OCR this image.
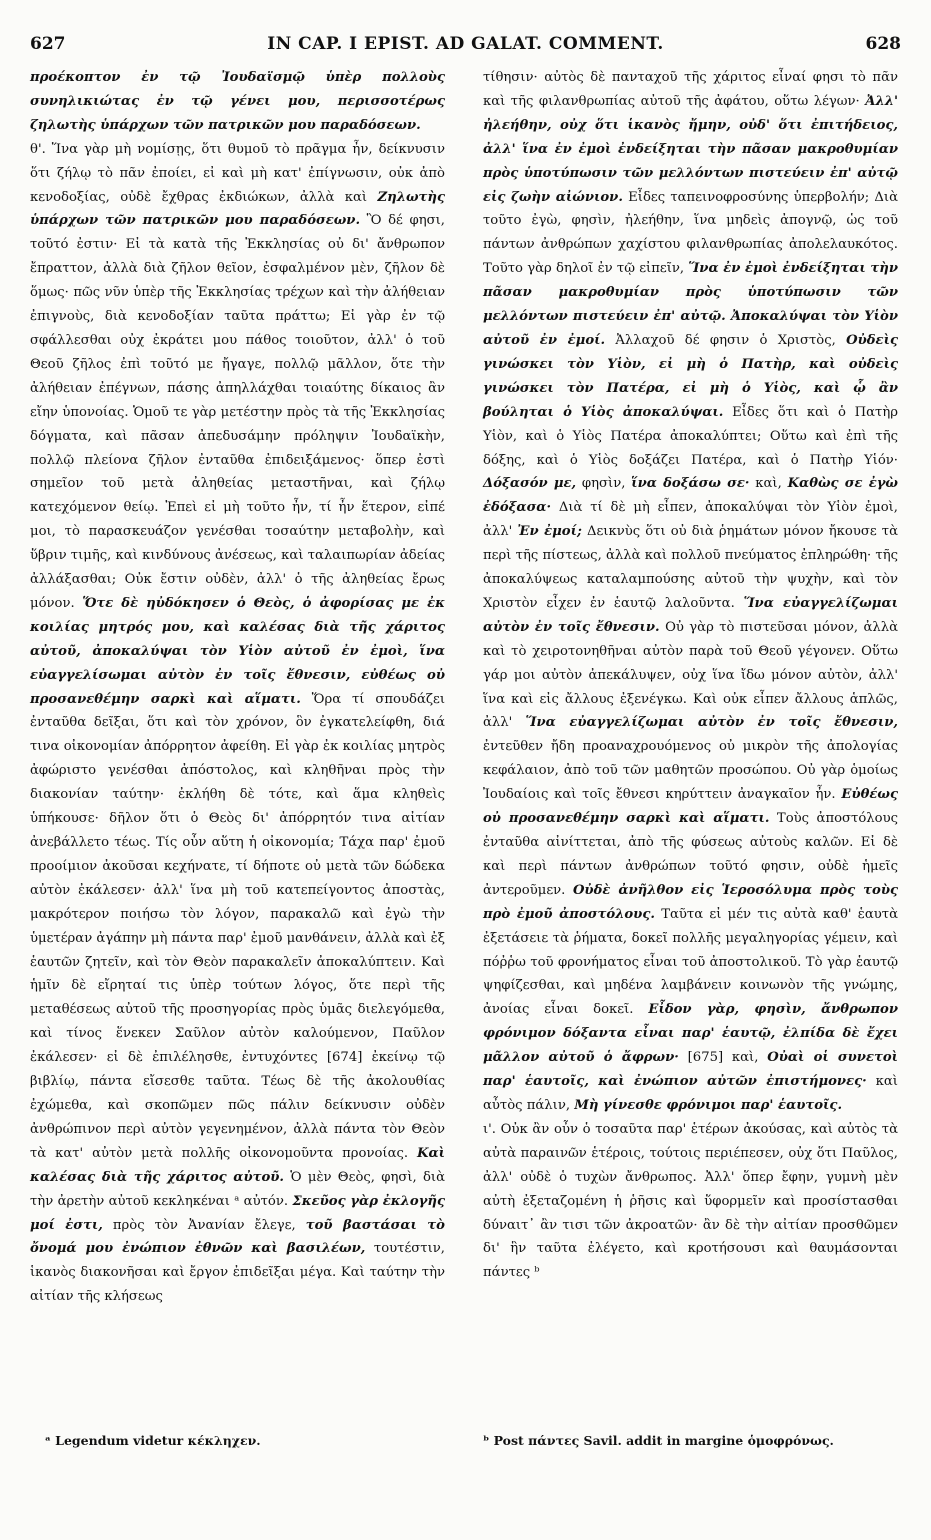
627	IN CAP. I EPIST. AD GALAT. COMMENT.	628

προέκοπτον ἐν τῷ Ἰουδαϊσμῷ ὑπὲρ πολλοὺς συνηλικιώτας ἐν τῷ γένει μου, περισσοτέρως ζηλωτὴς ὑπάρχων τῶν πατρικῶν μου παραδόσεων.

θ'. Ἵνα γὰρ μὴ νομίσῃς, ὅτι θυμοῦ τὸ πρᾶγμα ἦν, δείκνυσιν ὅτι ζήλῳ τὸ πᾶν ἐποίει, εἰ καὶ μὴ κατ' ἐπίγνωσιν, οὐκ ἀπὸ κενοδοξίας, οὐδὲ ἔχθρας ἐκδιώκων, ἀλλὰ καὶ Ζηλωτὴς ὑπάρχων τῶν πατρικῶν μου παραδόσεων. Ὃ δέ φησι, τοῦτό ἐστιν· Εἰ τὰ κατὰ τῆς Ἐκκλησίας οὐ δι' ἄνθρωπον ἔπραττον, ἀλλὰ διὰ ζῆλον θεῖον, ἐσφαλμένον μὲν, ζῆλον δὲ ὅμως· πῶς νῦν ὑπὲρ τῆς Ἐκκλησίας τρέχων καὶ τὴν ἀλήθειαν ἐπιγνοὺς, διὰ κενοδοξίαν ταῦτα πράττω; Εἰ γὰρ ἐν τῷ σφάλλεσθαι οὐχ ἐκράτει μου πάθος τοιοῦτον, ἀλλ' ὁ τοῦ Θεοῦ ζῆλος ἐπὶ τοῦτό με ἤγαγε, πολλῷ μᾶλλον, ὅτε τὴν ἀλήθειαν ἐπέγνων, πάσης ἀπηλλάχθαι τοιαύτης δίκαιος ἂν εἴην ὑπονοίας. Ὁμοῦ τε γὰρ μετέστην πρὸς τὰ τῆς Ἐκκλησίας δόγματα, καὶ πᾶσαν ἀπεδυσάμην πρόληψιν Ἰουδαϊκὴν, πολλῷ πλείονα ζῆλον ἐνταῦθα ἐπιδειξάμενος· ὅπερ ἐστὶ σημεῖον τοῦ μετὰ ἀληθείας μεταστῆναι, καὶ ζήλῳ κατεχόμενον θείῳ. Ἐπεὶ εἰ μὴ τοῦτο ἦν, τί ἦν ἕτερον, εἰπέ μοι, τὸ παρασκευάζον γενέσθαι τοσαύτην μεταβολὴν, καὶ ὕβριν τιμῆς, καὶ κινδύνους ἀνέσεως, καὶ ταλαιπωρίαν ἀδείας ἀλλάξασθαι; Οὐκ ἔστιν οὐδὲν, ἀλλ' ὁ τῆς ἀληθείας ἔρως μόνον. Ὅτε δὲ ηὐδόκησεν ὁ Θεὸς, ὁ ἀφορίσας με ἐκ κοιλίας μητρός μου, καὶ καλέσας διὰ τῆς χάριτος αὐτοῦ, ἀποκαλύψαι τὸν Υἱὸν αὐτοῦ ἐν ἐμοὶ, ἵνα εὐαγγελίσωμαι αὐτὸν ἐν τοῖς ἔθνεσιν, εὐθέως οὐ προσανεθέμην σαρκὶ καὶ αἵματι. Ὅρα τί σπουδάζει ἐνταῦθα δεῖξαι, ὅτι καὶ τὸν χρόνον, ὃν ἐγκατελείφθη, διά τινα οἰκονομίαν ἀπόρρητον ἀφείθη. Εἰ γὰρ ἐκ κοιλίας μητρὸς ἀφώριστο γενέσθαι ἀπόστολος, καὶ κληθῆναι πρὸς τὴν διακονίαν ταύτην· ἐκλήθη δὲ τότε, καὶ ἅμα κληθεὶς ὑπήκουσε· δῆλον ὅτι ὁ Θεὸς δι' ἀπόρρητόν τινα αἰτίαν ἀνεβάλλετο τέως. Τίς οὖν αὕτη ἡ οἰκονομία; Τάχα παρ' ἐμοῦ προοίμιον ἀκοῦσαι κεχήνατε, τί δήποτε οὐ μετὰ τῶν δώδεκα αὐτὸν ἐκάλεσεν· ἀλλ' ἵνα μὴ τοῦ κατεπείγοντος ἀποστὰς, μακρότερον ποιήσω τὸν λόγον, παρακαλῶ καὶ ἐγὼ τὴν ὑμετέραν ἀγάπην μὴ πάντα παρ' ἐμοῦ μανθάνειν, ἀλλὰ καὶ ἐξ ἑαυτῶν ζητεῖν, καὶ τὸν Θεὸν παρακαλεῖν ἀποκαλύπτειν. Καὶ ἡμῖν δὲ εἴρηταί τις ὑπὲρ τούτων λόγος, ὅτε περὶ τῆς μεταθέσεως αὐτοῦ τῆς προσηγορίας πρὸς ὑμᾶς διελεγόμεθα, καὶ τίνος ἕνεκεν Σαῦλον αὐτὸν καλούμενον, Παῦλον ἐκάλεσεν· εἰ δὲ ἐπιλέλησθε, ἐντυχόντες [674] ἐκείνῳ τῷ βιβλίῳ, πάντα εἴσεσθε ταῦτα. Τέως δὲ τῆς ἀκολουθίας ἐχώμεθα, καὶ σκοπῶμεν πῶς πάλιν δείκνυσιν οὐδὲν ἀνθρώπινον περὶ αὐτὸν γεγενημένον, ἀλλὰ πάντα τὸν Θεὸν τὰ κατ' αὐτὸν μετὰ πολλῆς οἰκονομοῦντα προνοίας. Καὶ καλέσας διὰ τῆς χάριτος αὐτοῦ. Ὁ μὲν Θεὸς, φησὶ, διὰ τὴν ἀρετὴν αὐτοῦ κεκληκέναι ᵃ αὐτόν. Σκεῦος γὰρ ἐκλογῆς μοί ἐστι, πρὸς τὸν Ἀνανίαν ἔλεγε, τοῦ βαστάσαι τὸ ὄνομά μου ἐνώπιον ἐθνῶν καὶ βασιλέων, τουτέστιν, ἱκανὸς διακονῆσαι καὶ ἔργον ἐπιδεῖξαι μέγα. Καὶ ταύτην τὴν αἰτίαν τῆς κλήσεως

τίθησιν· αὐτὸς δὲ πανταχοῦ τῆς χάριτος εἶναί φησι τὸ πᾶν καὶ τῆς φιλανθρωπίας αὐτοῦ τῆς ἀφάτου, οὕτω λέγων· Ἀλλ' ἠλεήθην, οὐχ ὅτι ἱκανὸς ἤμην, οὐδ' ὅτι ἐπιτήδειος, ἀλλ' ἵνα ἐν ἐμοὶ ἐνδείξηται τὴν πᾶσαν μακροθυμίαν πρὸς ὑποτύπωσιν τῶν μελλόντων πιστεύειν ἐπ' αὐτῷ εἰς ζωὴν αἰώνιον. Εἶδες ταπεινοφροσύνης ὑπερβολήν; Διὰ τοῦτο ἐγὼ, φησὶν, ἠλεήθην, ἵνα μηδεὶς ἀπογνῷ, ὡς τοῦ πάντων ἀνθρώπων χαχίστου φιλανθρωπίας ἀπολελαυκότος. Τοῦτο γὰρ δηλοῖ ἐν τῷ εἰπεῖν, Ἵνα ἐν ἐμοὶ ἐνδείξηται τὴν πᾶσαν μακροθυμίαν πρὸς ὑποτύπωσιν τῶν μελλόντων πιστεύειν ἐπ' αὐτῷ. Ἀποκαλύψαι τὸν Υἱὸν αὐτοῦ ἐν ἐμοί. Ἀλλαχοῦ δέ φησιν ὁ Χριστὸς, Οὐδεὶς γινώσκει τὸν Υἱὸν, εἰ μὴ ὁ Πατὴρ, καὶ οὐδεὶς γινώσκει τὸν Πατέρα, εἰ μὴ ὁ Υἱὸς, καὶ ᾧ ἂν βούληται ὁ Υἱὸς ἀποκαλύψαι. Εἶδες ὅτι καὶ ὁ Πατὴρ Υἱὸν, καὶ ὁ Υἱὸς Πατέρα ἀποκαλύπτει; Οὕτω καὶ ἐπὶ τῆς δόξης, καὶ ὁ Υἱὸς δοξάζει Πατέρα, καὶ ὁ Πατὴρ Υἱόν· Δόξασόν με, φησὶν, ἵνα δοξάσω σε· καὶ, Καθὼς σε ἐγὼ ἐδόξασα· Διὰ τί δὲ μὴ εἶπεν, ἀποκαλύψαι τὸν Υἱὸν ἐμοὶ, ἀλλ' Ἐν ἐμοί; Δεικνὺς ὅτι οὐ διὰ ῥημάτων μόνον ἤκουσε τὰ περὶ τῆς πίστεως, ἀλλὰ καὶ πολλοῦ πνεύματος ἐπληρώθη· τῆς ἀποκαλύψεως καταλαμπούσης αὐτοῦ τὴν ψυχὴν, καὶ τὸν Χριστὸν εἶχεν ἐν ἑαυτῷ λαλοῦντα. Ἵνα εὐαγγελίζωμαι αὐτὸν ἐν τοῖς ἔθνεσιν. Οὐ γὰρ τὸ πιστεῦσαι μόνον, ἀλλὰ καὶ τὸ χειροτονηθῆναι αὐτὸν παρὰ τοῦ Θεοῦ γέγονεν. Οὕτω γάρ μοι αὐτὸν ἀπεκάλυψεν, οὐχ ἵνα ἴδω μόνον αὐτὸν, ἀλλ' ἵνα καὶ εἰς ἄλλους ἐξενέγκω. Καὶ οὐκ εἶπεν ἄλλους ἁπλῶς, ἀλλ' Ἵνα εὐαγγελίζωμαι αὐτὸν ἐν τοῖς ἔθνεσιν, ἐντεῦθεν ἤδη προαναχρουόμενος οὐ μικρὸν τῆς ἀπολογίας κεφάλαιον, ἀπὸ τοῦ τῶν μαθητῶν προσώπου. Οὐ γὰρ ὁμοίως Ἰουδαίοις καὶ τοῖς ἔθνεσι κηρύττειν ἀναγκαῖον ἦν. Εὐθέως οὐ προσανεθέμην σαρκὶ καὶ αἵματι. Τοὺς ἀποστόλους ἐνταῦθα αἰνίττεται, ἀπὸ τῆς φύσεως αὐτοὺς καλῶν. Εἰ δὲ καὶ περὶ πάντων ἀνθρώπων τοῦτό φησιν, οὐδὲ ἡμεῖς ἀντεροῦμεν. Οὐδὲ ἀνῆλθον εἰς Ἱεροσόλυμα πρὸς τοὺς πρὸ ἐμοῦ ἀποστόλους. Ταῦτα εἰ μέν τις αὐτὰ καθ' ἑαυτὰ ἐξετάσειε τὰ ῥήματα, δοκεῖ πολλῆς μεγαληγορίας γέμειν, καὶ πόῤῥω τοῦ φρονήματος εἶναι τοῦ ἀποστολικοῦ. Τὸ γὰρ ἑαυτῷ ψηφίζεσθαι, καὶ μηδένα λαμβάνειν κοινωνὸν τῆς γνώμης, ἀνοίας εἶναι δοκεῖ. Εἶδον γὰρ, φησὶν, ἄνθρωπον φρόνιμον δόξαντα εἶναι παρ' ἑαυτῷ, ἐλπίδα δὲ ἔχει μᾶλλον αὐτοῦ ὁ ἄφρων· [675] καὶ, Οὐαὶ οἱ συνετοὶ παρ' ἑαυτοῖς, καὶ ἐνώπιον αὐτῶν ἐπιστήμονες· καὶ αὖτὸς πάλιν, Μὴ γίνεσθε φρόνιμοι παρ' ἑαυτοῖς.

ι'. Οὐκ ἂν οὖν ὁ τοσαῦτα παρ' ἑτέρων ἀκούσας, καὶ αὐτὸς τὰ αὐτὰ παραινῶν ἑτέροις, τούτοις περιέπεσεν, οὐχ ὅτι Παῦλος, ἀλλ' οὐδὲ ὁ τυχὼν ἄνθρωπος. Ἀλλ' ὅπερ ἔφην, γυμνὴ μὲν αὐτὴ ἐξεταζομένη ἡ ῥῆσις καὶ ὕφορμεῖν καὶ προσίστασθαι δύναιτ᾽ ἂν τισι τῶν ἀκροατῶν· ἂν δὲ τὴν αἰτίαν προσθῶμεν δι' ἣν ταῦτα ἐλέγετο, καὶ κροτήσουσι καὶ θαυμάσονται πάντες ᵇ

ᵃ Legendum videtur κέκληχεν.	ᵇ Post πάντες Savil. addit in margine ὁμοφρόνως.
